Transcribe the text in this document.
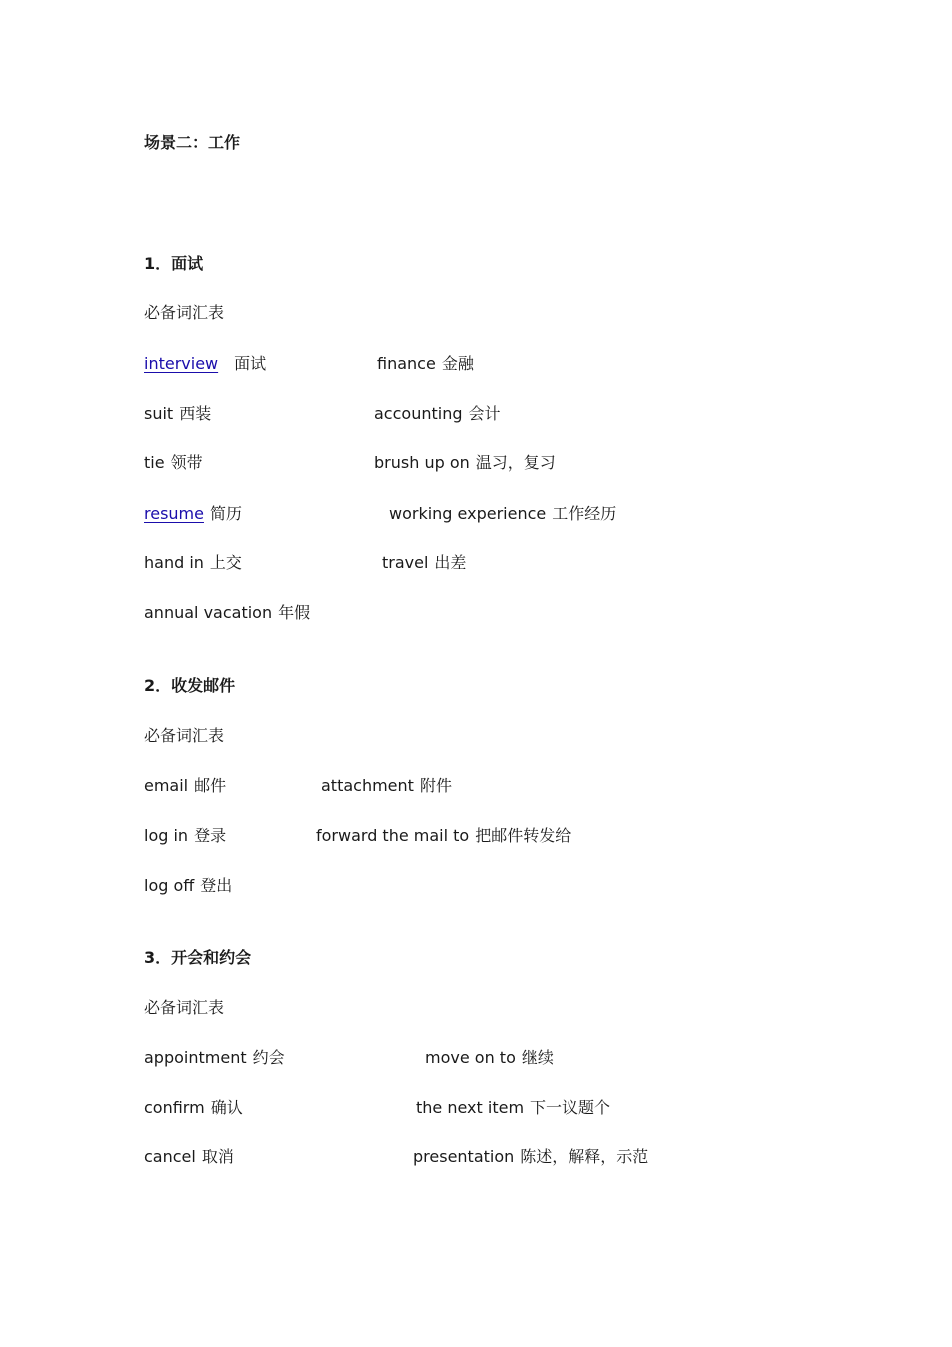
场景二：工作
1．面试
必备词汇表
interview 面试	finance 金融
suit 西装	accounting 会计
tie 领带	brush up on 温习，复习
resume 简历	working experience 工作经历
hand in 上交	travel 出差
annual vacation 年假
2．收发邮件
必备词汇表
email 邮件	attachment 附件
log in 登录	forward the mail to 把邮件转发给
log off 登出
3．开会和约会
必备词汇表
appointment 约会	move on to 继续
confirm 确认	the next item 下一议题个
cancel 取消	presentation 陈述，解释，示范
